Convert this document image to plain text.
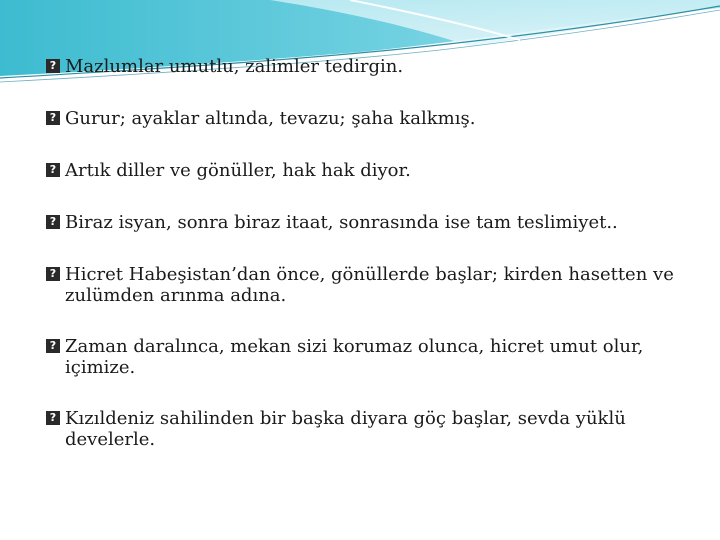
? Mazlumlar umutlu, zalimler tedirgin.
? Gurur; ayaklar altında, tevazu; şaha kalkmış.
? Artık diller ve gönüller, hak hak diyor.
? Biraz isyan, sonra biraz itaat, sonrasında ise tam teslimiyet..
? Hicret Habeşistan’dan önce, gönüllerde başlar; kirden hasetten ve zulümden arınma adına.
? Zaman daralınca, mekan sizi korumaz olunca, hicret umut olur, içimize.
? Kızıldeniz sahilinden bir başka diyara göç başlar, sevda yüklü develerle.
